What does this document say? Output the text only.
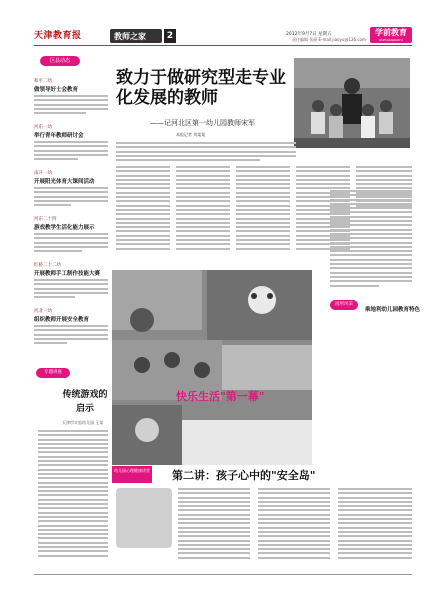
天津教育报	教师之家	2	2012年9月7日 星期五
责任编辑 张丽 E-mail:jiaoyu@126.com
学前教育
XUEQIANJIAOYU
区县动态
和平二幼
做领导好士会教育
河东一幼
举行青年教师研讨会
南开一幼
开展阳光体育大课间活动
河东二十四
游戏教学生活化能力展示
红桥二十二幼
开展教师手工制作技能大赛
河北一幼
组织教师开展安全教育
致力于做研究型走专业化发展的教师
——记河北区第一幼儿园教师宋军
本报记者 刘某某
快乐生活"第一幕"
园所风采
乘地利幼儿园教育特色
专题讲座
传统游戏的启示
天津市实验幼儿园 王某
幼儿园心理健康讲堂 第二讲：孩子心中的"安全岛"
